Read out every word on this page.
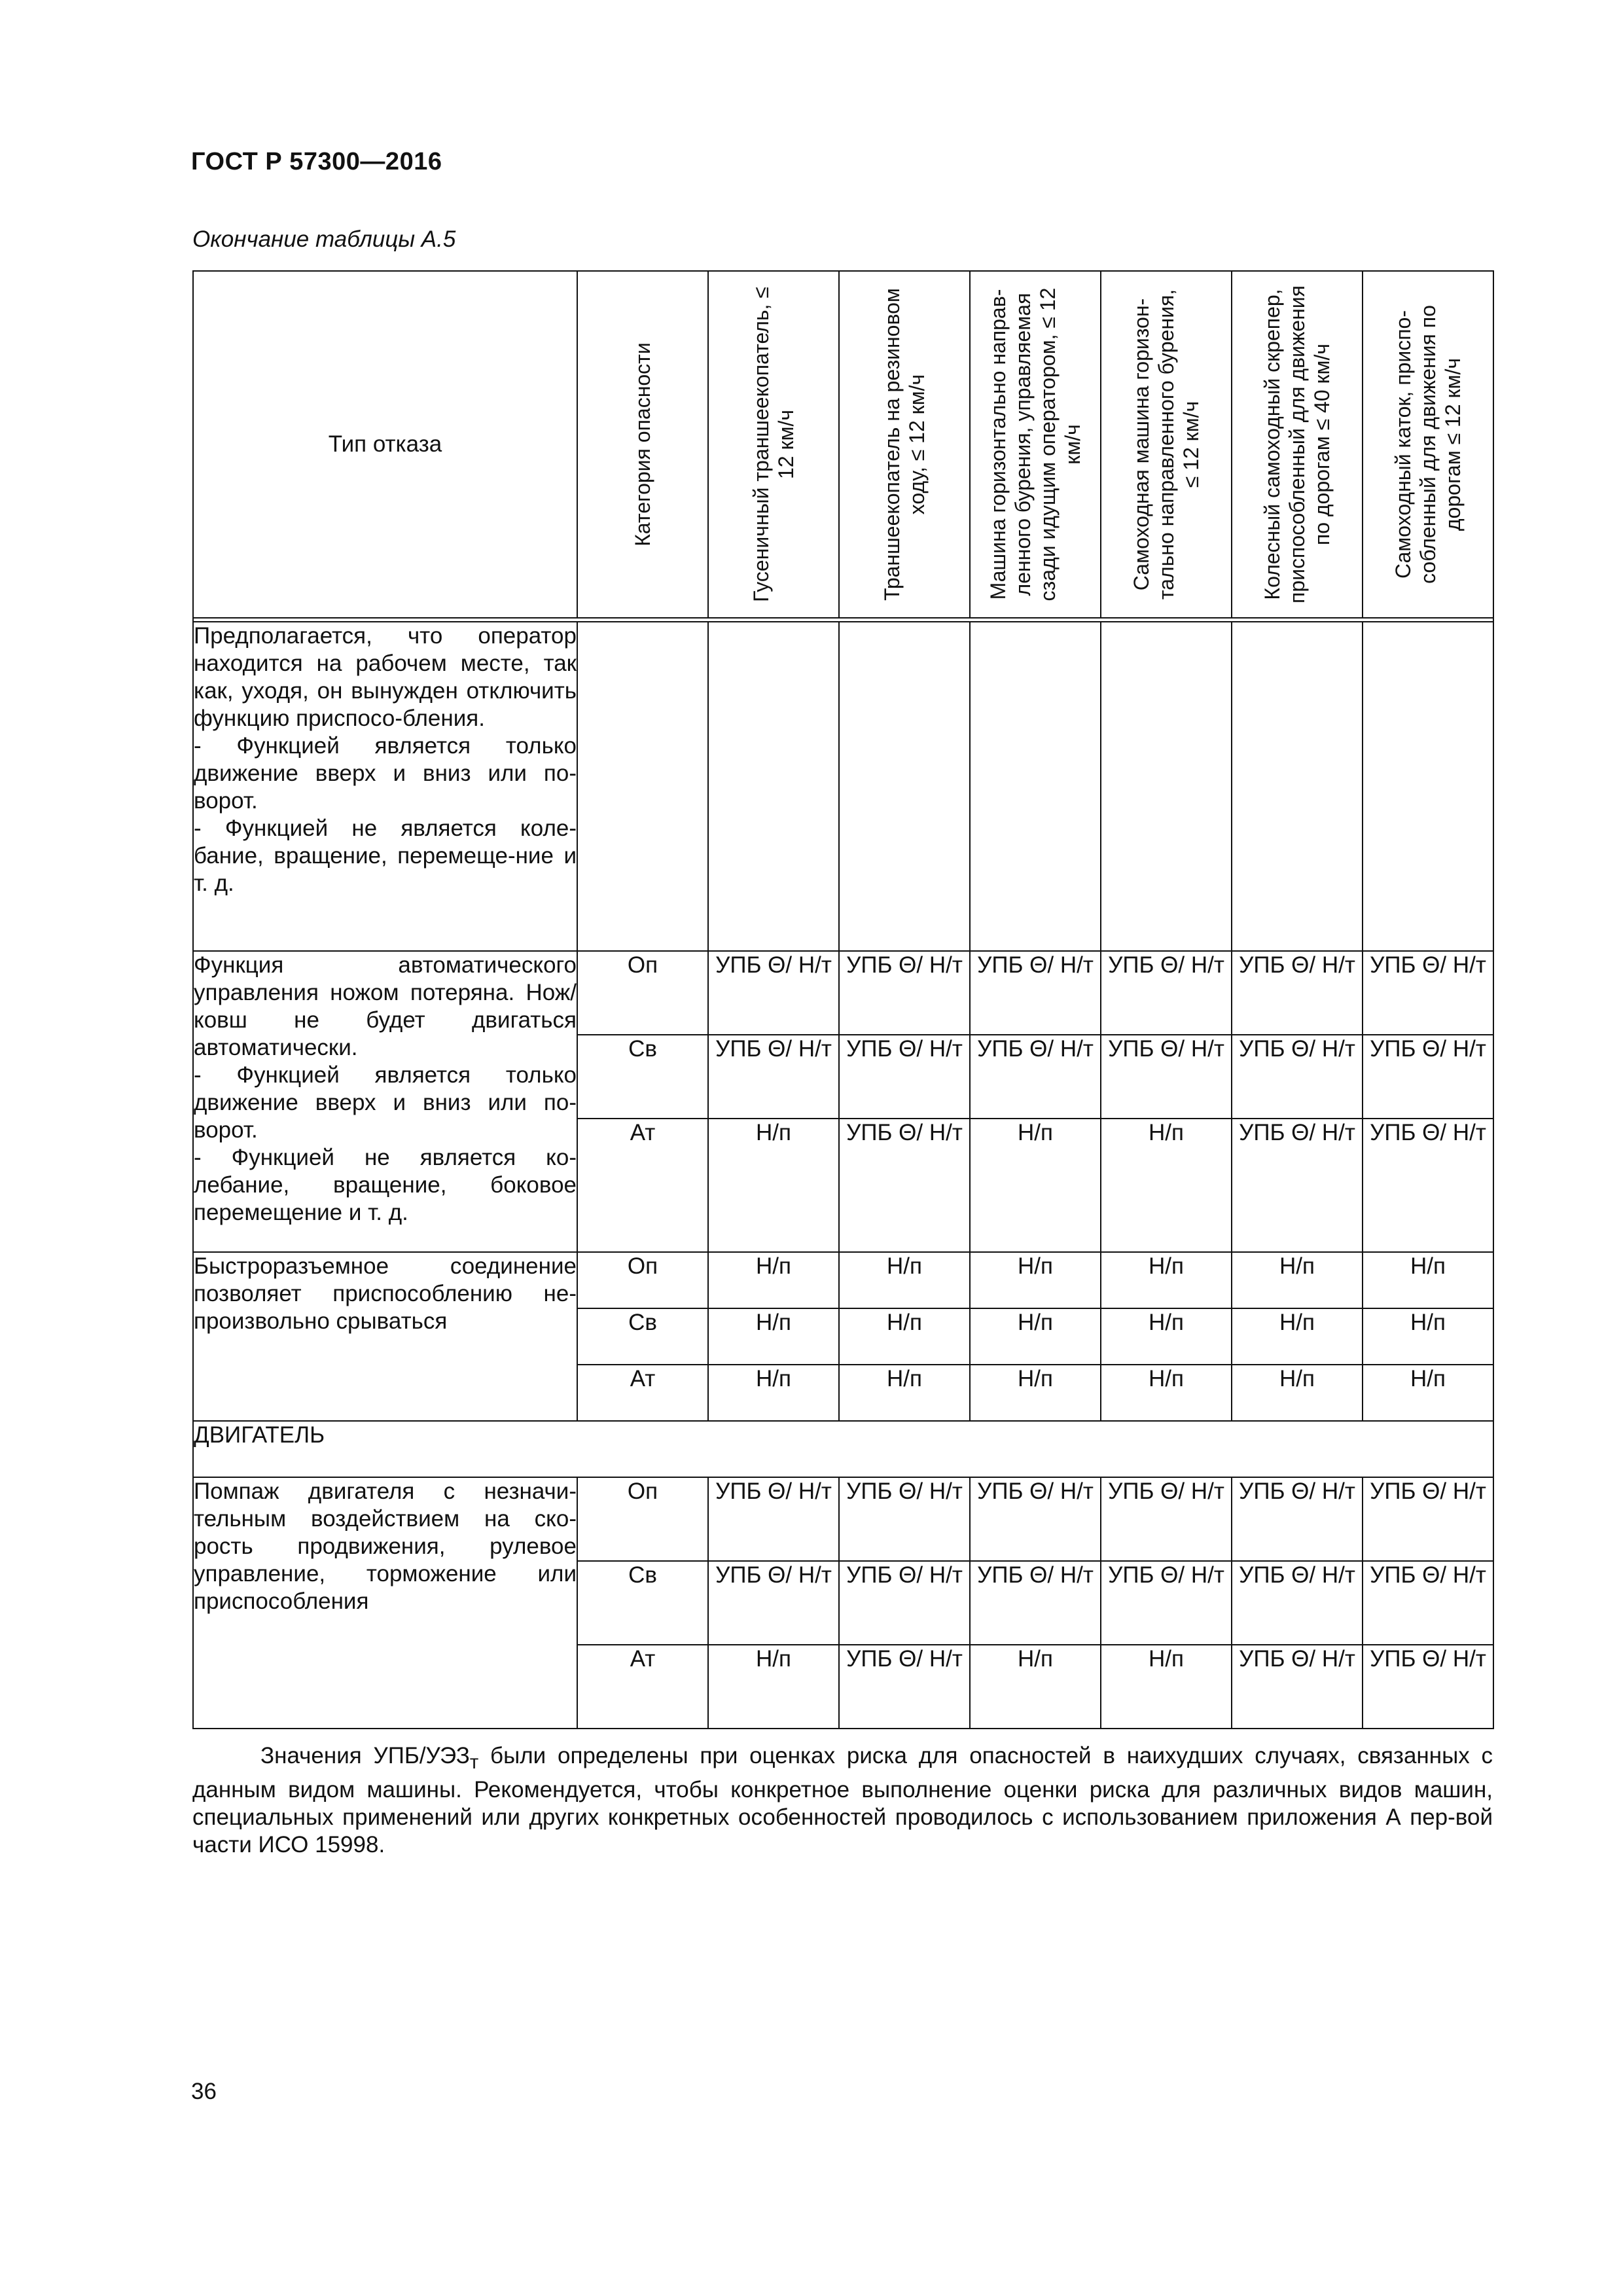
ГОСТ Р 57300—2016
Окончание таблицы А.5
Тип отказа	Категория опасности	Гусеничный траншеекопатель, ≤ 12 км/ч	Траншеекопатель на резиновом ходу, ≤ 12 км/ч	Машина горизонтально направ-ленного бурения, управляемая сзади идущим оператором, ≤ 12 км/ч	Самоходная машина горизон-тально направленного бурения, ≤ 12 км/ч	Колесный самоходный скрепер, приспособленный для движения по дорогам ≤ 40 км/ч	Самоходный каток, приспо-собленный для движения по дорогам ≤ 12 км/ч

Предполагается, что оператор находится на рабочем месте, так как, уходя, он вынужден отключить функцию приспосо-бления.
- Функцией является только движение вверх и вниз или по-ворот.
- Функцией не является коле-бание, вращение, перемеще-ние и т. д.							
Функция автоматического управления ножом потеряна. Нож/ковш не будет двигаться автоматически.
- Функцией является только движение вверх и вниз или по-ворот.
- Функцией не является ко-лебание, вращение, боковое перемещение и т. д.	Оп	УПБ Θ/ Н/т	УПБ Θ/ Н/т	УПБ Θ/ Н/т	УПБ Θ/ Н/т	УПБ Θ/ Н/т	УПБ Θ/ Н/т
	Св	УПБ Θ/ Н/т	УПБ Θ/ Н/т	УПБ Θ/ Н/т	УПБ Θ/ Н/т	УПБ Θ/ Н/т	УПБ Θ/ Н/т
	Ат	Н/п	УПБ Θ/ Н/т	Н/п	Н/п	УПБ Θ/ Н/т	УПБ Θ/ Н/т
Быстроразъемное соединение позволяет приспособлению не-произвольно срываться	Оп	Н/п	Н/п	Н/п	Н/п	Н/п	Н/п
	Св	Н/п	Н/п	Н/п	Н/п	Н/п	Н/п
	Ат	Н/п	Н/п	Н/п	Н/п	Н/п	Н/п
ДВИГАТЕЛЬ							
Помпаж двигателя с незначи-тельным воздействием на ско-рость продвижения, рулевое управление, торможение или приспособления	Оп	УПБ Θ/ Н/т	УПБ Θ/ Н/т	УПБ Θ/ Н/т	УПБ Θ/ Н/т	УПБ Θ/ Н/т	УПБ Θ/ Н/т
	Св	УПБ Θ/ Н/т	УПБ Θ/ Н/т	УПБ Θ/ Н/т	УПБ Θ/ Н/т	УПБ Θ/ Н/т	УПБ Θ/ Н/т
	Ат	Н/п	УПБ Θ/ Н/т	Н/п	Н/п	УПБ Θ/ Н/т	УПБ Θ/ Н/т

Значения УПБ/$УЭЗ_т$ были определены при оценках риска для опасностей в наихудших случаях, связанных с данным видом машины. Рекомендуется, чтобы конкретное выполнение оценки риска для различных видов машин, специальных применений или других конкретных особенностей проводилось с использованием приложения А пер-вой части ИСО 15998.

36
